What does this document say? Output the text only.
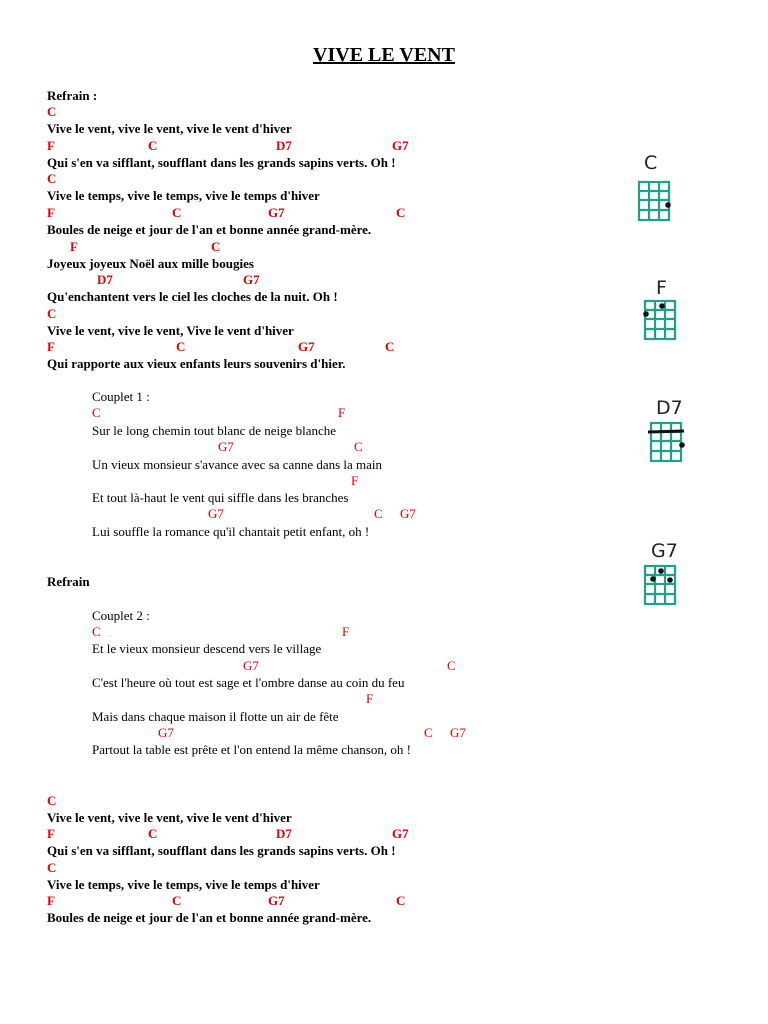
VIVE LE VENT
Refrain :
C
Vive le vent, vive le vent, vive le vent d'hiver
F	C	D7	G7
Qui s'en va sifflant, soufflant dans les grands sapins verts. Oh !
C
Vive le temps, vive le temps, vive le temps d'hiver
F	C	G7	C
Boules de neige et jour de l'an et bonne année grand-mère.
F	C
Joyeux joyeux Noël aux mille bougies
D7	G7
Qu'enchantent vers le ciel les cloches de la nuit. Oh !
C
Vive le vent, vive le vent, Vive le vent d'hiver
F	C	G7	C
Qui rapporte aux vieux enfants leurs souvenirs d'hier.
Couplet 1 :
C	F
Sur le long chemin tout blanc de neige blanche
G7	C
Un vieux monsieur s'avance avec sa canne dans la main
F
Et tout là-haut le vent qui siffle dans les branches
G7	C G7
Lui souffle la romance qu'il chantait petit enfant, oh !
Refrain
Couplet 2 :
C	F
Et le vieux monsieur descend vers le village
G7	C
C'est l'heure où tout est sage et l'ombre danse au coin du feu
F
Mais dans chaque maison il flotte un air de fête
G7	C G7
Partout la table est prête et l'on entend la même chanson, oh !
C
Vive le vent, vive le vent, vive le vent d'hiver
F	C	D7	G7
Qui s'en va sifflant, soufflant dans les grands sapins verts. Oh !
C
Vive le temps, vive le temps, vive le temps d'hiver
F	C	G7	C
Boules de neige et jour de l'an et bonne année grand-mère.
C
F
D7
G7
